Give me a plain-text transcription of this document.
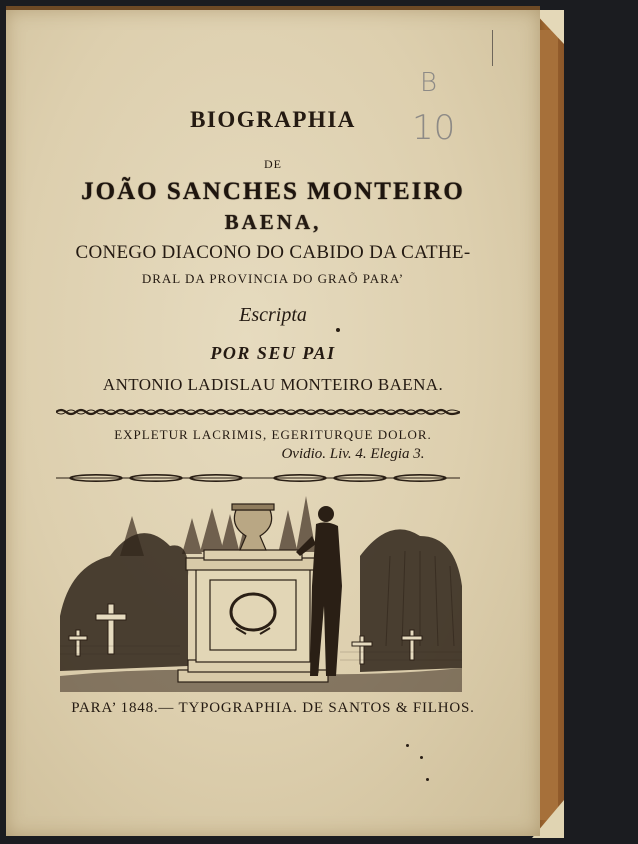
B
10
BIOGRAPHIA
DE
JOÃO SANCHES MONTEIRO
BAENA,
CONEGO DIACONO DO CABIDO DA CATHE-
DRAL DA PROVINCIA DO GRAÕ PARA’
Escripta
POR SEU PAI
ANTONIO LADISLAU MONTEIRO BAENA.
EXPLETUR LACRIMIS, EGERITURQUE DOLOR.
Ovidio. Liv. 4. Elegia 3.
PARA’ 1848.— TYPOGRAPHIA. DE SANTOS & FILHOS.
